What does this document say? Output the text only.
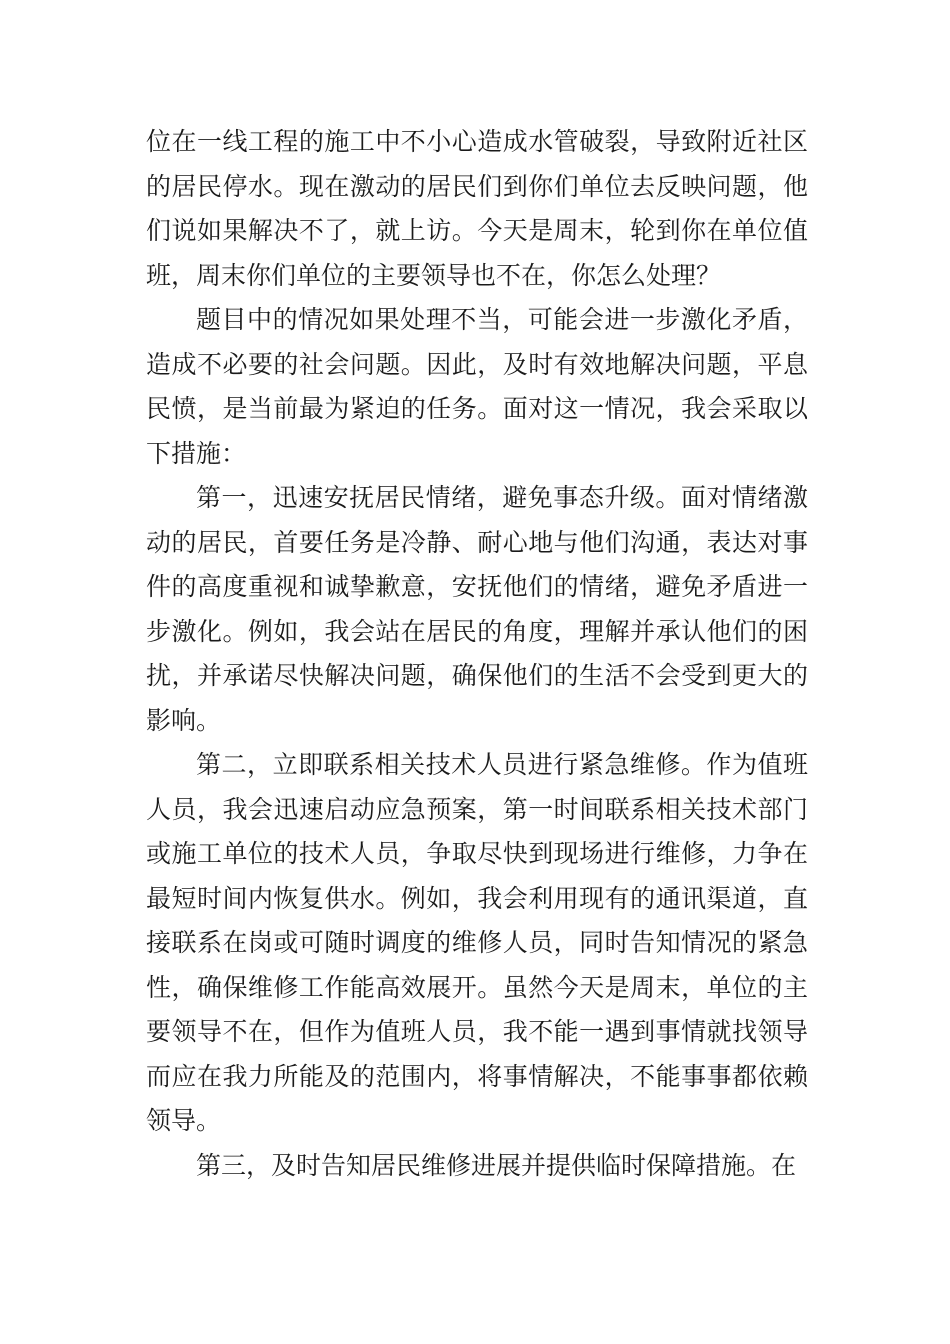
位在一线工程的施工中不小心造成水管破裂，导致附近社区的居民停水。现在激动的居民们到你们单位去反映问题，他们说如果解决不了，就上访。今天是周末，轮到你在单位值班，周末你们单位的主要领导也不在，你怎么处理？

题目中的情况如果处理不当，可能会进一步激化矛盾，造成不必要的社会问题。因此，及时有效地解决问题，平息民愤，是当前最为紧迫的任务。面对这一情况，我会采取以下措施：

第一，迅速安抚居民情绪，避免事态升级。面对情绪激动的居民，首要任务是冷静、耐心地与他们沟通，表达对事件的高度重视和诚挚歉意，安抚他们的情绪，避免矛盾进一步激化。例如，我会站在居民的角度，理解并承认他们的困扰，并承诺尽快解决问题，确保他们的生活不会受到更大的影响。

第二，立即联系相关技术人员进行紧急维修。作为值班人员，我会迅速启动应急预案，第一时间联系相关技术部门或施工单位的技术人员，争取尽快到现场进行维修，力争在最短时间内恢复供水。例如，我会利用现有的通讯渠道，直接联系在岗或可随时调度的维修人员，同时告知情况的紧急性，确保维修工作能高效展开。虽然今天是周末，单位的主要领导不在，但作为值班人员，我不能一遇到事情就找领导而应在我力所能及的范围内，将事情解决，不能事事都依赖领导。

第三，及时告知居民维修进展并提供临时保障措施。在
